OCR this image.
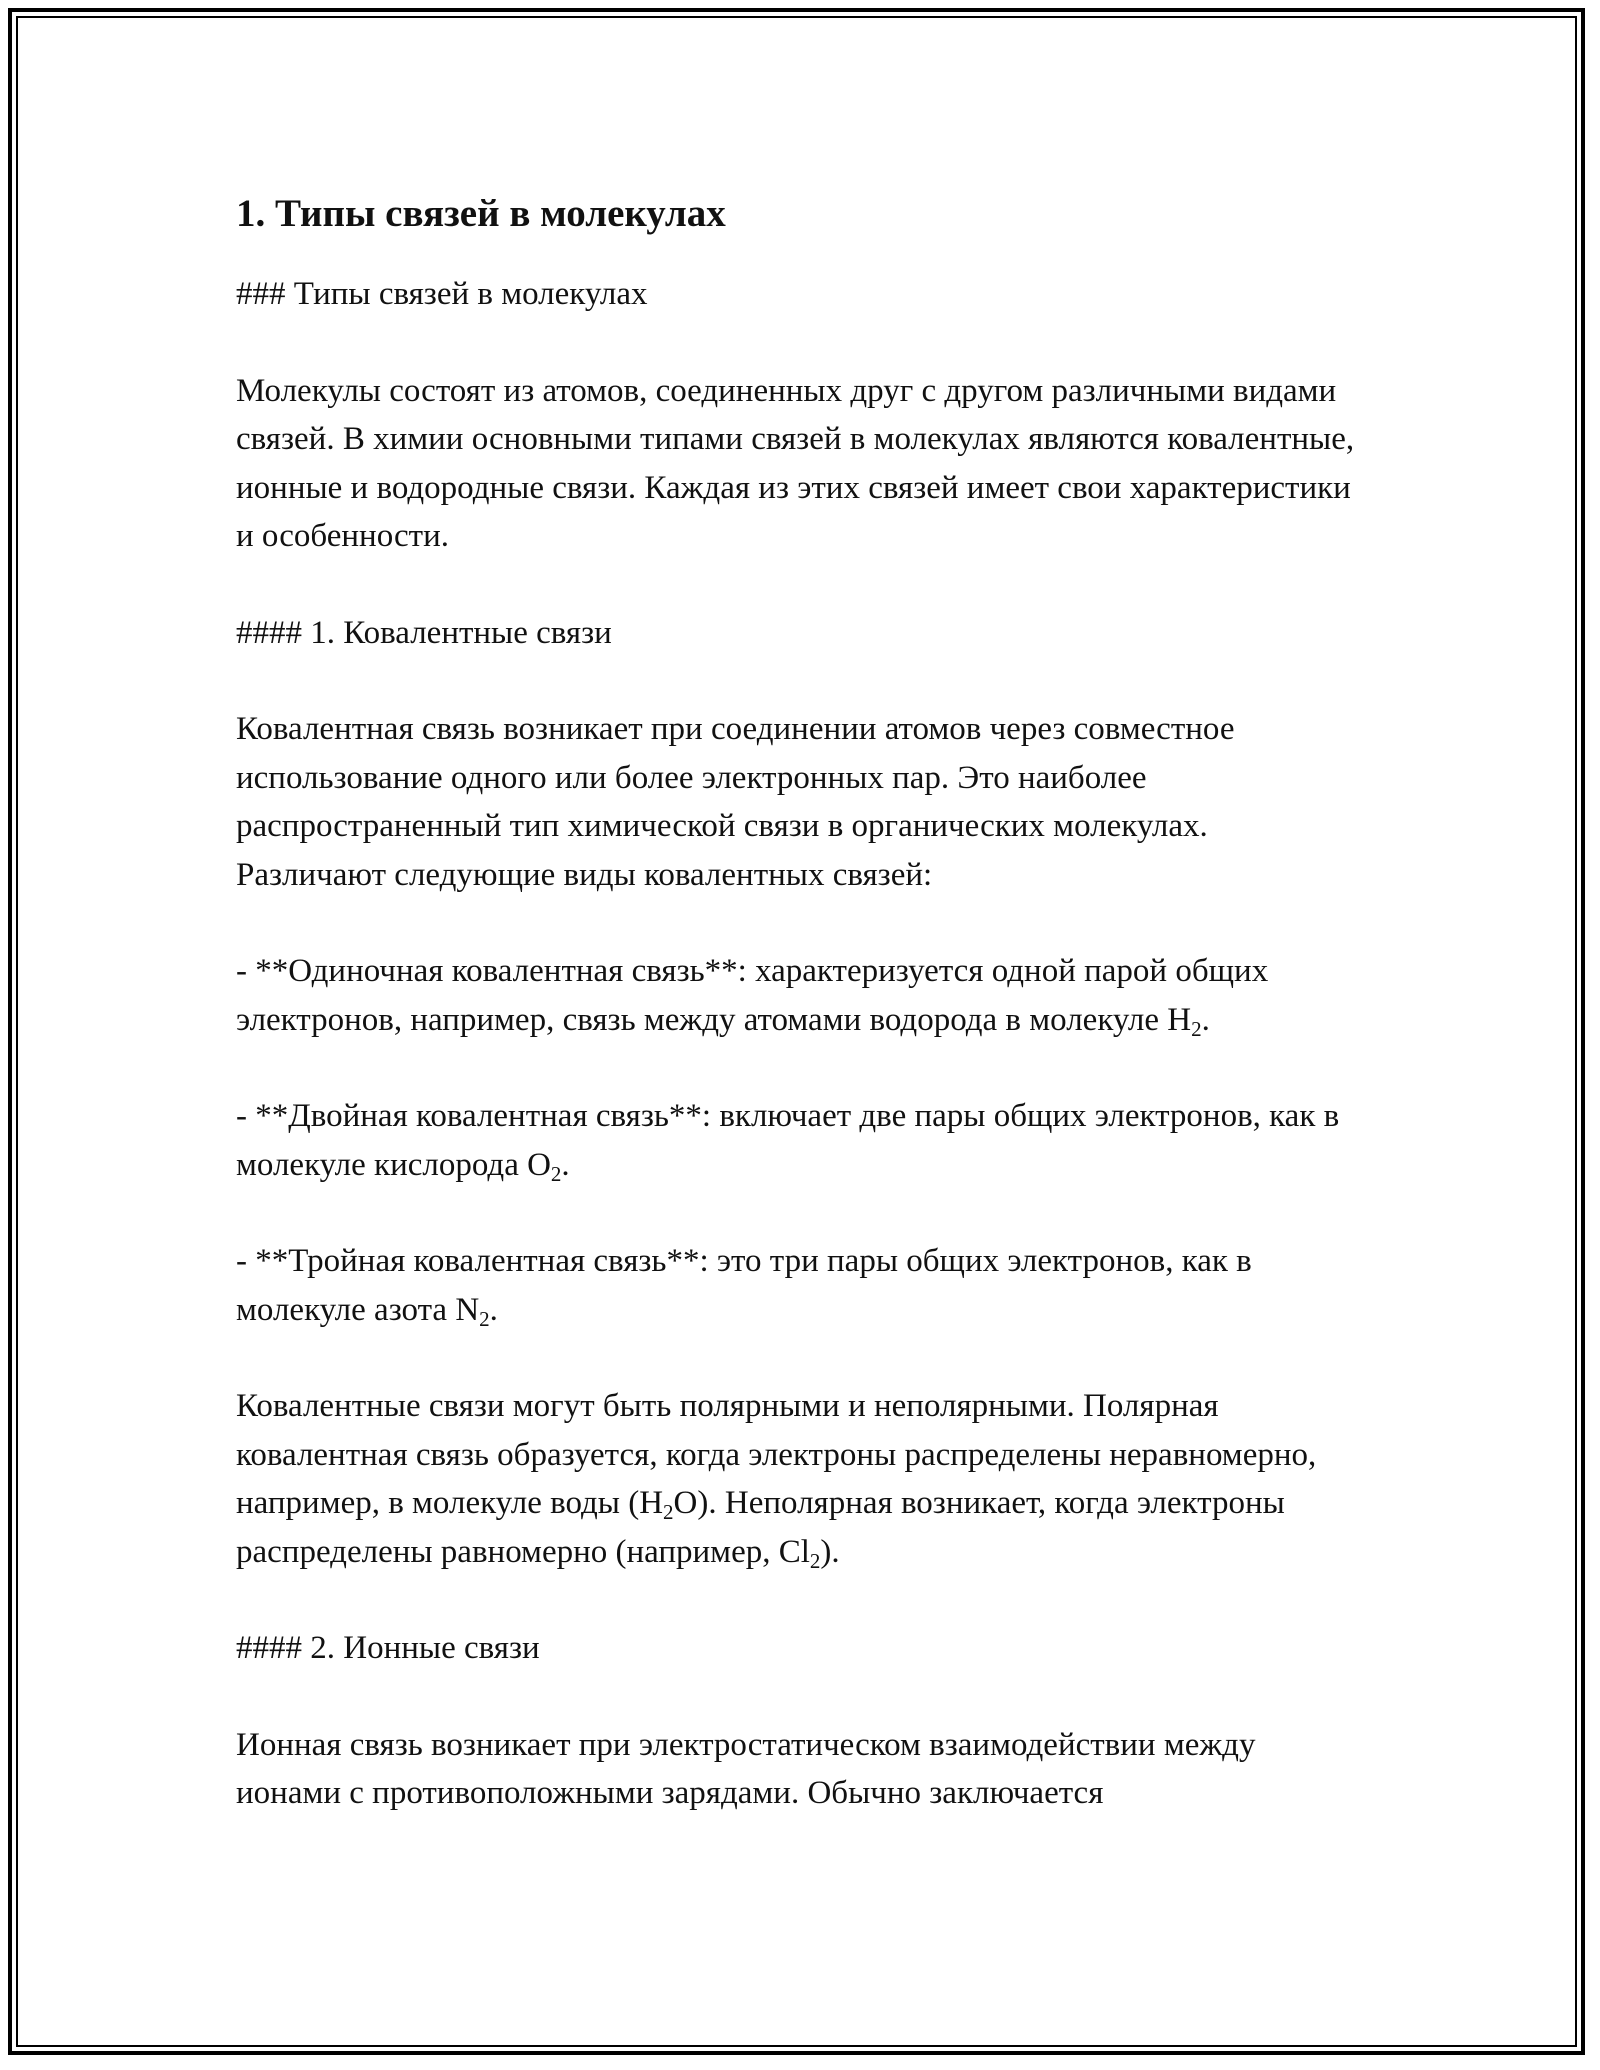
1. Типы связей в молекулах

### Типы связей в молекулах

Молекулы состоят из атомов, соединенных друг с другом различными видами связей. В химии основными типами связей в молекулах являются ковалентные, ионные и водородные связи. Каждая из этих связей имеет свои характеристики и особенности.

#### 1. Ковалентные связи

Ковалентная связь возникает при соединении атомов через совместное использование одного или более электронных пар. Это наиболее распространенный тип химической связи в органических молекулах. Различают следующие виды ковалентных связей:

- **Одиночная ковалентная связь**: характеризуется одной парой общих электронов, например, связь между атомами водорода в молекуле $H_2$.

- **Двойная ковалентная связь**: включает две пары общих электронов, как в молекуле кислорода $O_2$.

- **Тройная ковалентная связь**: это три пары общих электронов, как в молекуле азота $N_2$.

Ковалентные связи могут быть полярными и неполярными. Полярная ковалентная связь образуется, когда электроны распределены неравномерно, например, в молекуле воды $(H_2O)$. Неполярная возникает, когда электроны распределены равномерно (например, $Cl_2$).

#### 2. Ионные связи

Ионная связь возникает при электростатическом взаимодействии между ионами с противоположными зарядами. Обычно заключается
